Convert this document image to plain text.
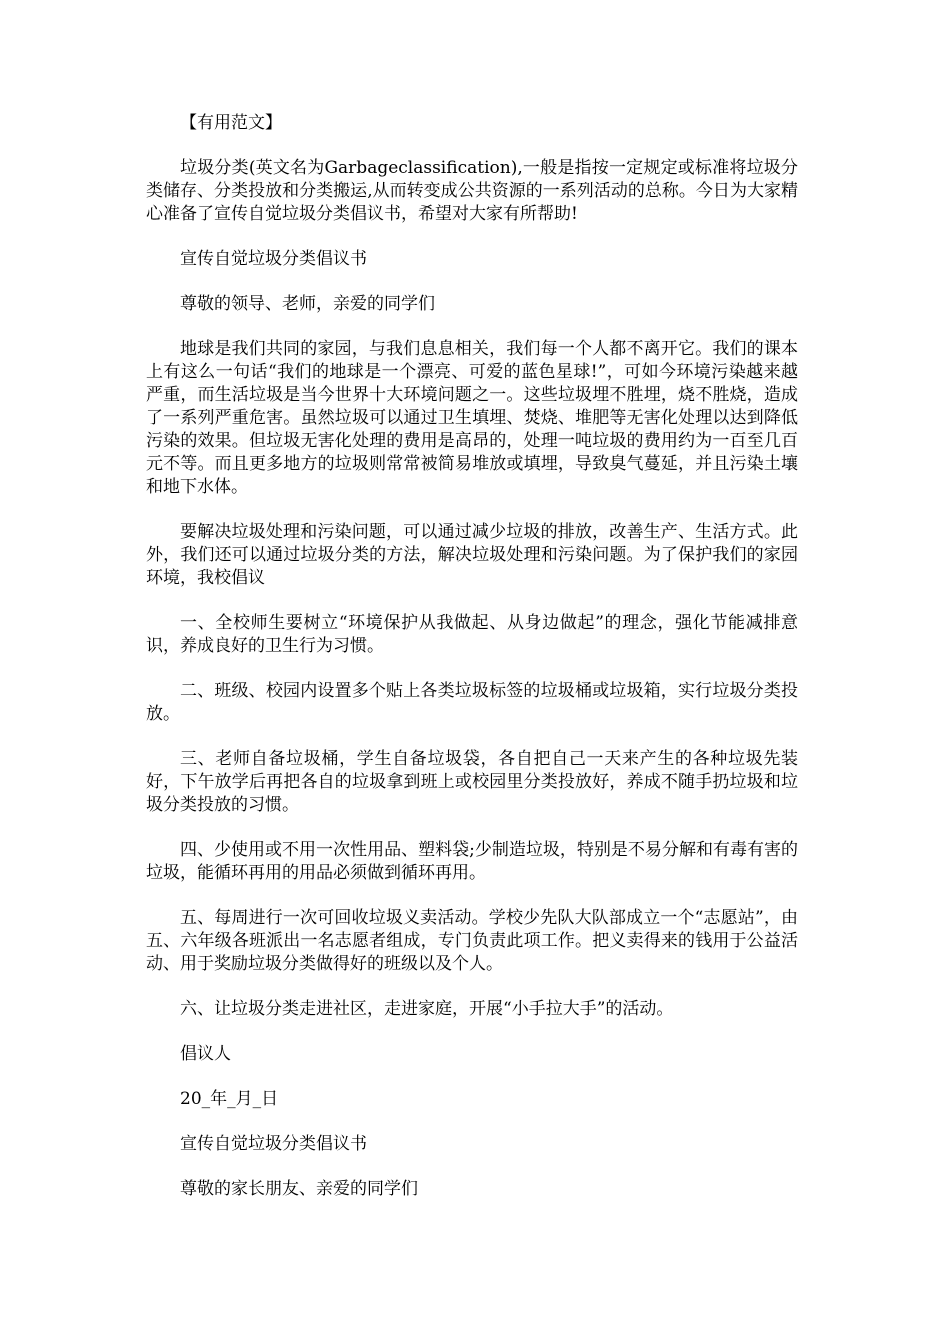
【有用范文】

垃圾分类(英文名为Garbageclassification),一般是指按一定规定或标准将垃圾分类储存、分类投放和分类搬运,从而转变成公共资源的一系列活动的总称。今日为大家精心准备了宣传自觉垃圾分类倡议书，希望对大家有所帮助!

宣传自觉垃圾分类倡议书

尊敬的领导、老师，亲爱的同学们

地球是我们共同的家园，与我们息息相关，我们每一个人都不离开它。我们的课本上有这么一句话“我们的地球是一个漂亮、可爱的蓝色星球!”，可如今环境污染越来越严重，而生活垃圾是当今世界十大环境问题之一。这些垃圾埋不胜埋，烧不胜烧，造成了一系列严重危害。虽然垃圾可以通过卫生填埋、焚烧、堆肥等无害化处理以达到降低污染的效果。但垃圾无害化处理的费用是高昂的，处理一吨垃圾的费用约为一百至几百元不等。而且更多地方的垃圾则常常被简易堆放或填埋，导致臭气蔓延，并且污染土壤和地下水体。

要解决垃圾处理和污染问题，可以通过减少垃圾的排放，改善生产、生活方式。此外，我们还可以通过垃圾分类的方法，解决垃圾处理和污染问题。为了保护我们的家园环境，我校倡议

一、全校师生要树立“环境保护从我做起、从身边做起”的理念，强化节能减排意识，养成良好的卫生行为习惯。

二、班级、校园内设置多个贴上各类垃圾标签的垃圾桶或垃圾箱，实行垃圾分类投放。

三、老师自备垃圾桶，学生自备垃圾袋，各自把自己一天来产生的各种垃圾先装好，下午放学后再把各自的垃圾拿到班上或校园里分类投放好，养成不随手扔垃圾和垃圾分类投放的习惯。

四、少使用或不用一次性用品、塑料袋;少制造垃圾，特别是不易分解和有毒有害的垃圾，能循环再用的用品必须做到循环再用。

五、每周进行一次可回收垃圾义卖活动。学校少先队大队部成立一个“志愿站”，由五、六年级各班派出一名志愿者组成，专门负责此项工作。把义卖得来的钱用于公益活动、用于奖励垃圾分类做得好的班级以及个人。

六、让垃圾分类走进社区，走进家庭，开展“小手拉大手”的活动。

倡议人

20_年_月_日

宣传自觉垃圾分类倡议书

尊敬的家长朋友、亲爱的同学们
